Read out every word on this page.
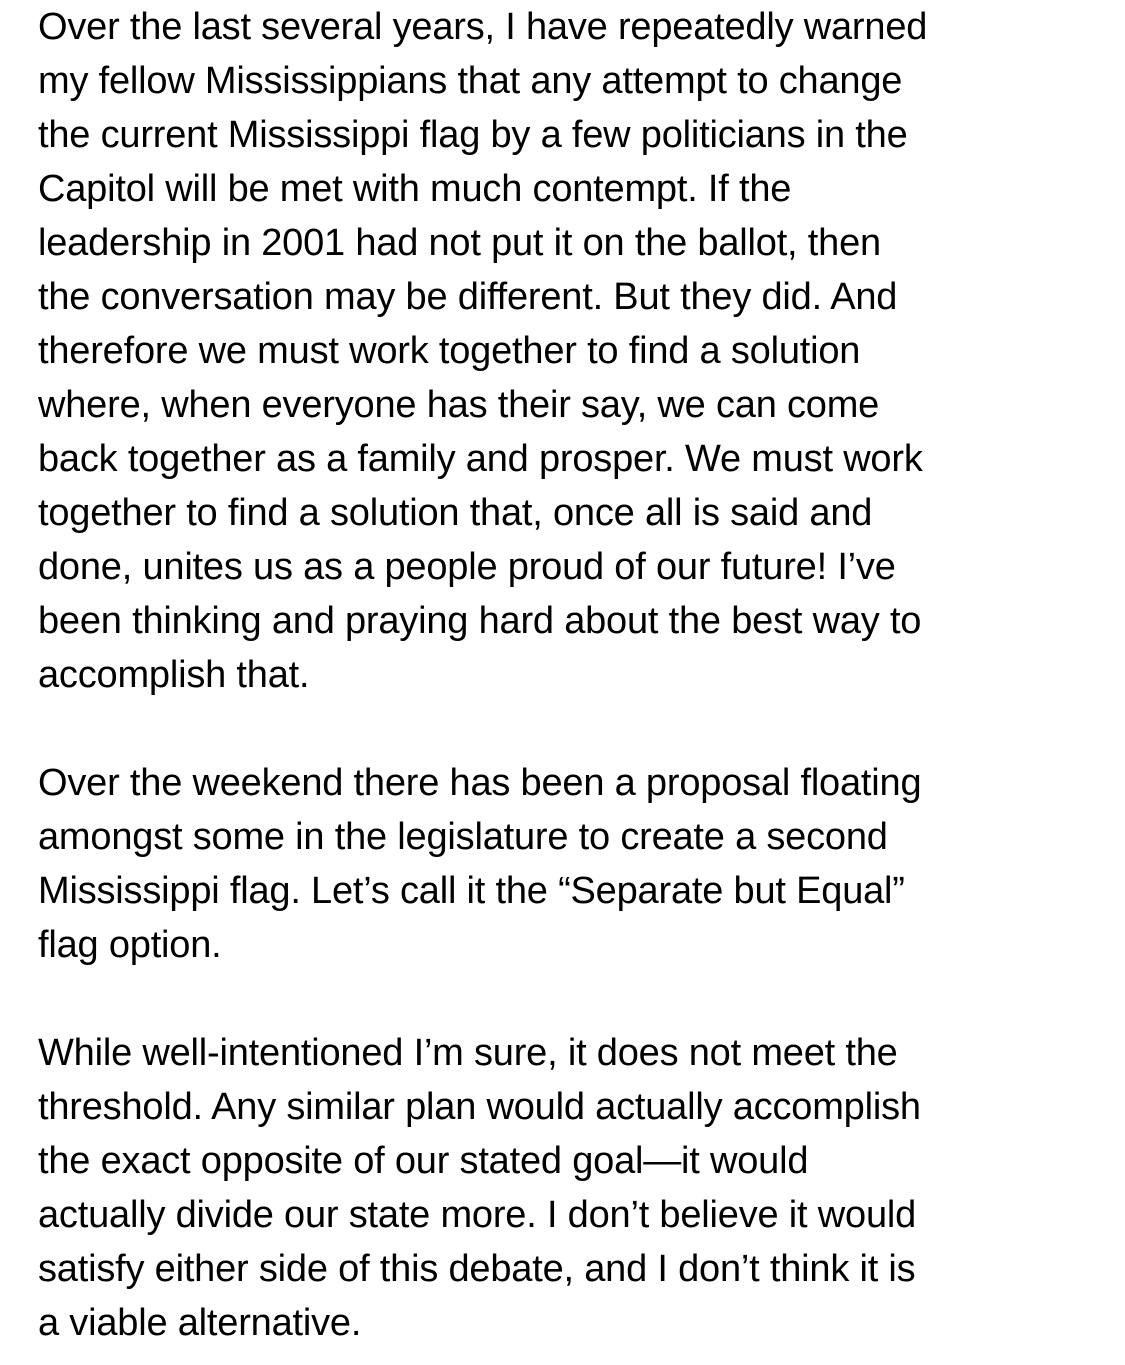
Over the last several years, I have repeatedly warned
my fellow Mississippians that any attempt to change
the current Mississippi flag by a few politicians in the
Capitol will be met with much contempt. If the
leadership in 2001 had not put it on the ballot, then
the conversation may be different. But they did. And
therefore we must work together to find a solution
where, when everyone has their say, we can come
back together as a family and prosper. We must work
together to find a solution that, once all is said and
done, unites us as a people proud of our future! I’ve
been thinking and praying hard about the best way to
accomplish that.

Over the weekend there has been a proposal floating
amongst some in the legislature to create a second
Mississippi flag. Let’s call it the “Separate but Equal”
flag option.

While well-intentioned I’m sure, it does not meet the
threshold. Any similar plan would actually accomplish
the exact opposite of our stated goal—it would
actually divide our state more. I don’t believe it would
satisfy either side of this debate, and I don’t think it is
a viable alternative.
